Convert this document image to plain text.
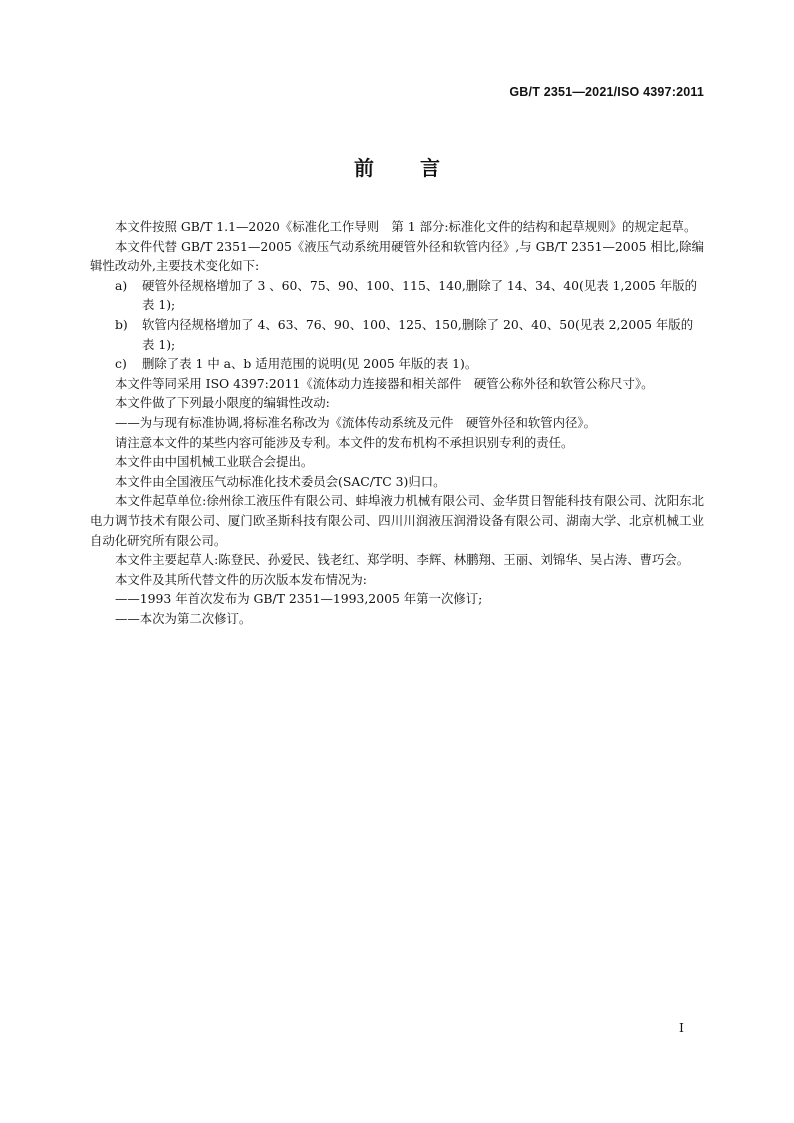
GB/T 2351—2021/ISO 4397:2011
前言

本文件按照 GB/T 1.1—2020《标准化工作导则　第 1 部分:标准化文件的结构和起草规则》的规定起草。

本文件代替 GB/T 2351—2005《液压气动系统用硬管外径和软管内径》,与 GB/T 2351—2005 相比,除编辑性改动外,主要技术变化如下:

a)	硬管外径规格增加了 3 、60、75、90、100、115、140,删除了 14、34、40(见表 1,2005 年版的表 1);
b)	软管内径规格增加了 4、63、76、90、100、125、150,删除了 20、40、50(见表 2,2005 年版的表 1);
c)	删除了表 1 中 a、b 适用范围的说明(见 2005 年版的表 1)。

本文件等同采用 ISO 4397:2011《流体动力连接器和相关部件　硬管公称外径和软管公称尺寸》。

本文件做了下列最小限度的编辑性改动:

——为与现有标准协调,将标准名称改为《流体传动系统及元件　硬管外径和软管内径》。

请注意本文件的某些内容可能涉及专利。本文件的发布机构不承担识别专利的责任。

本文件由中国机械工业联合会提出。

本文件由全国液压气动标准化技术委员会(SAC/TC 3)归口。

本文件起草单位:徐州徐工液压件有限公司、蚌埠液力机械有限公司、金华贯日智能科技有限公司、沈阳东北电力调节技术有限公司、厦门欧圣斯科技有限公司、四川川润液压润滑设备有限公司、湖南大学、北京机械工业自动化研究所有限公司。

本文件主要起草人:陈登民、孙爱民、钱老红、郑学明、李辉、林鹏翔、王丽、刘锦华、吴占涛、曹巧会。

本文件及其所代替文件的历次版本发布情况为:

——1993 年首次发布为 GB/T 2351—1993,2005 年第一次修订;

——本次为第二次修订。

I
